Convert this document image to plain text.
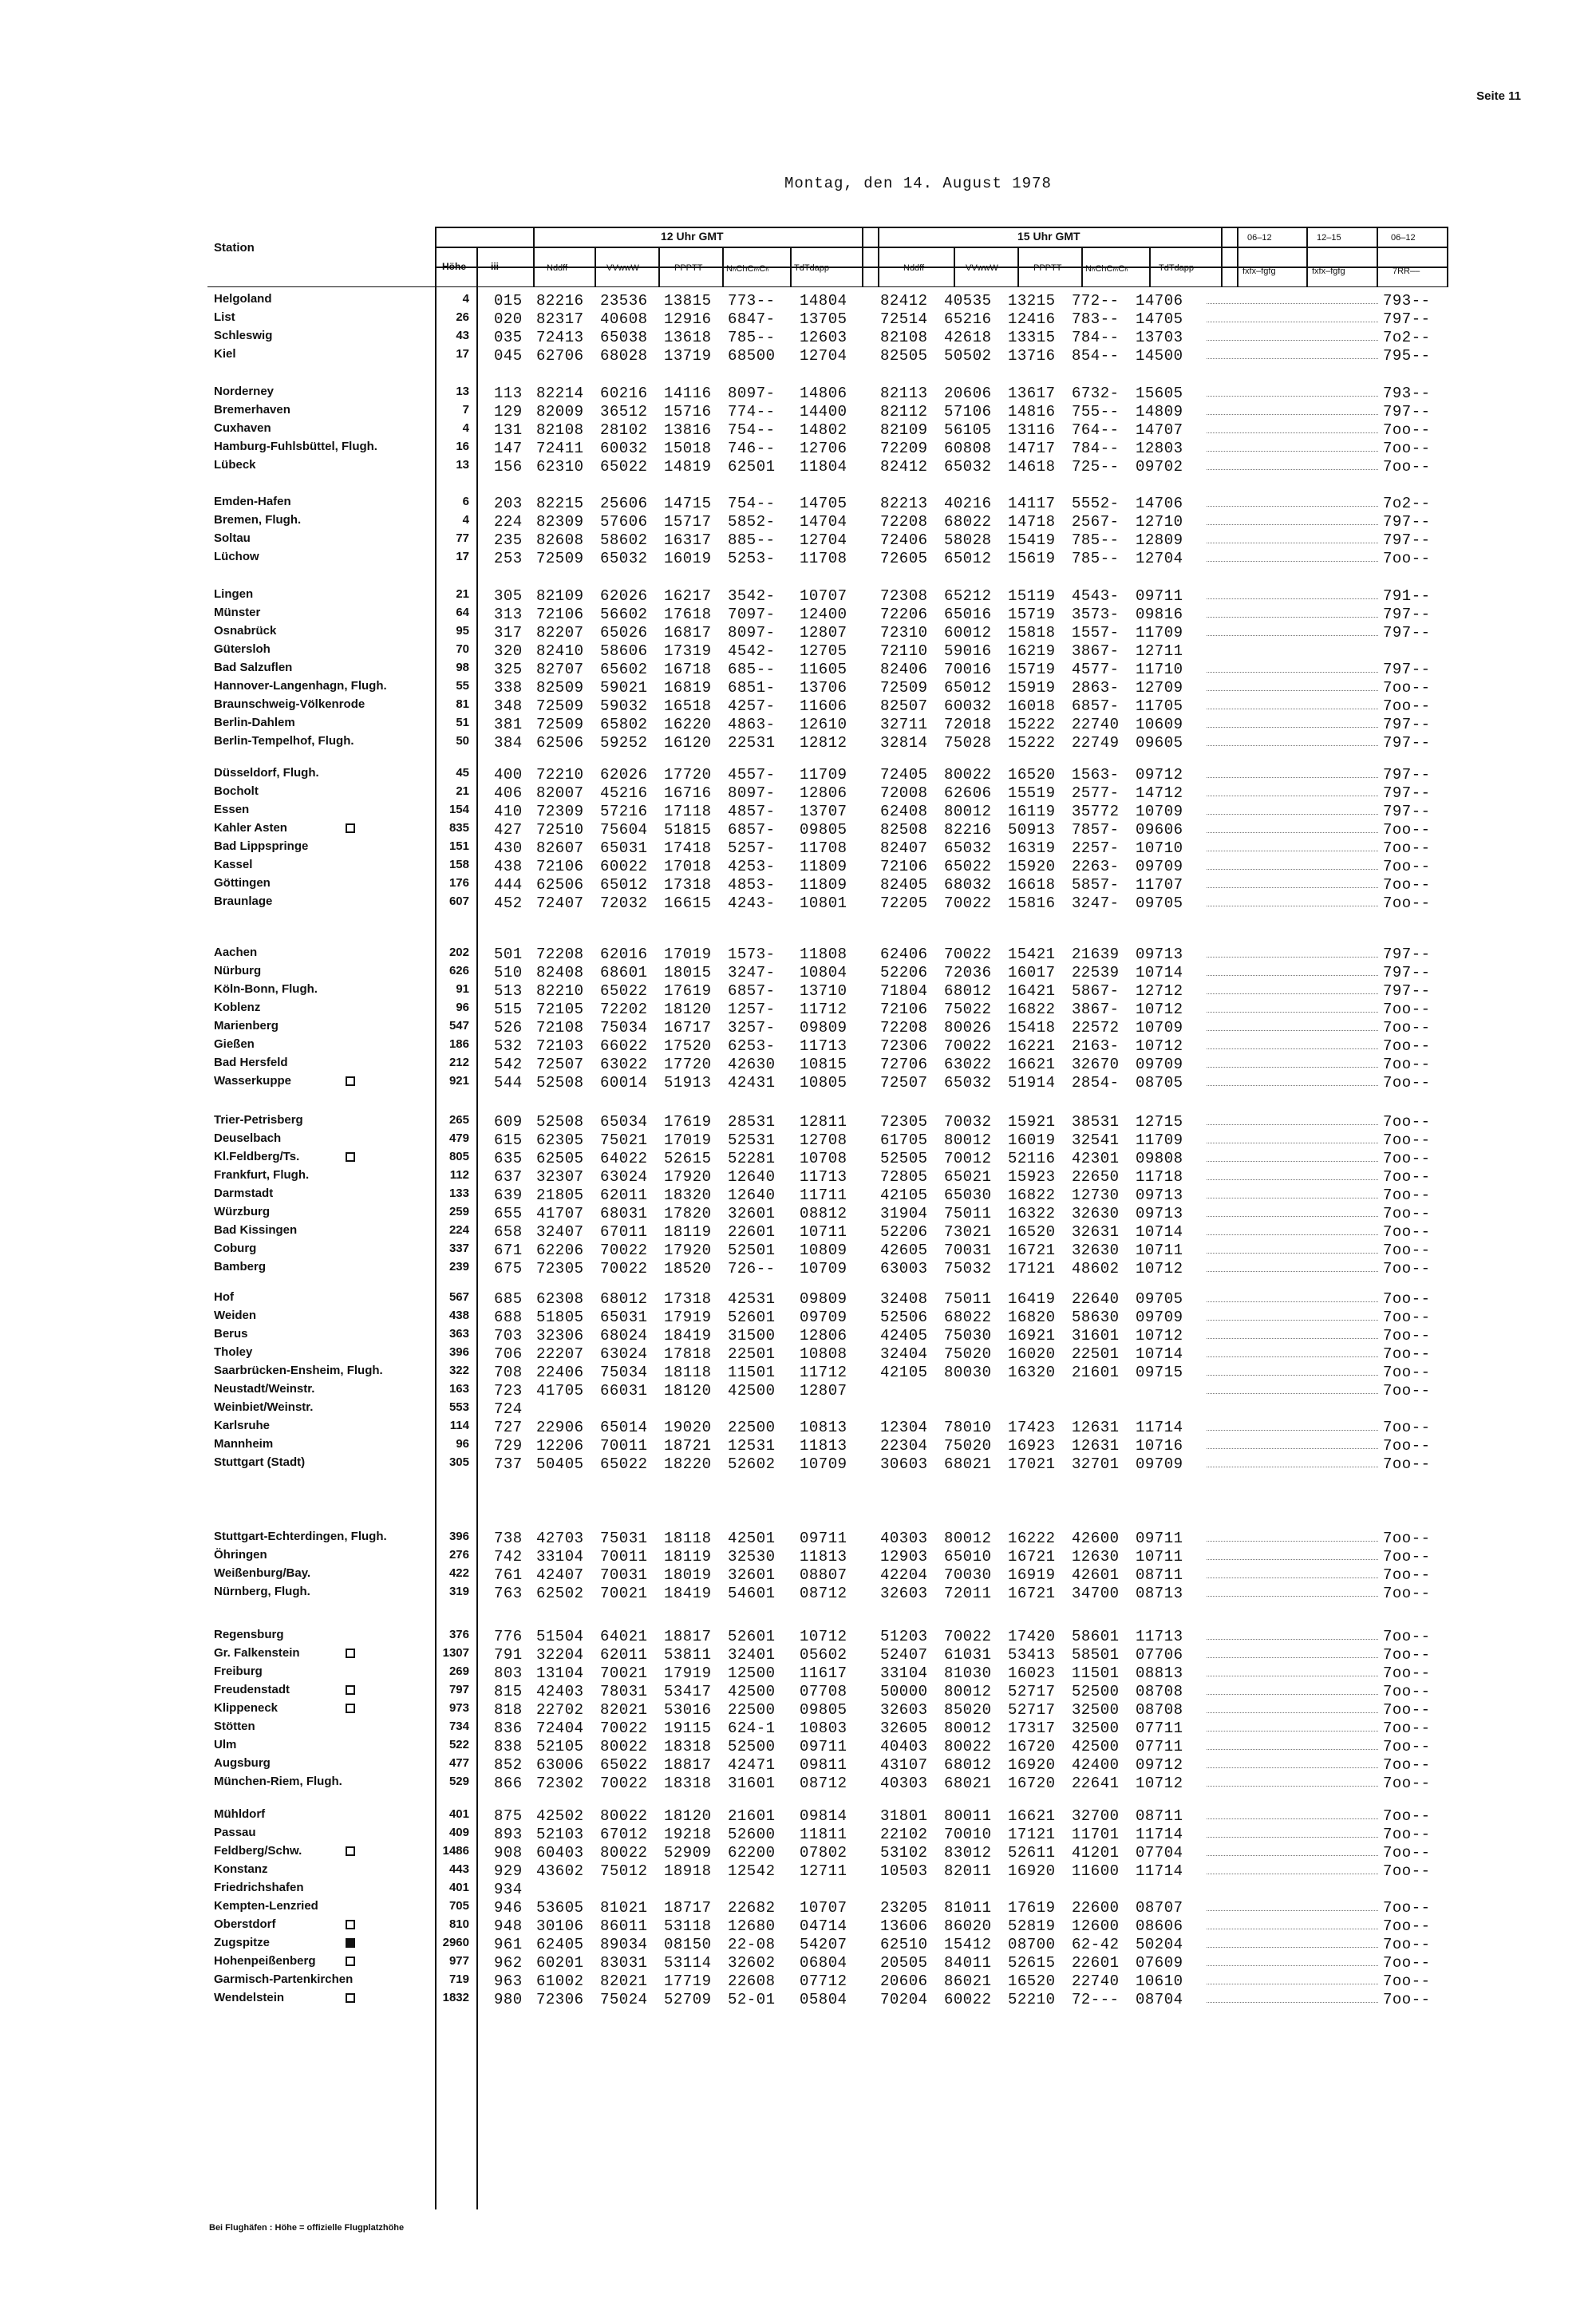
Seite 11
Montag, den 14. August 1978
Station
Höhe	iii
12 Uhr GMT	15 Uhr GMT
Nddff	VVwwW	PPPTT	NₕChCₘCₕ	TdTdapp	Nddff	VVwwW	PPPTT	NₕChCₘCₕ	TdTdapp
06–12	12–15	06–12
fxfx–fgfg	fxfx–fgfg	7RR––
Helgoland	4 015 82216 23536 13815 773-- 14804 82412 40535 13215 772-- 14706	793--
List	26 020 82317 40608 12916 6847- 13705 72514 65216 12416 783-- 14705	797--
Schleswig	43 035 72413 65038 13618 785-- 12603 82108 42618 13315 784-- 13703	7o2--
Kiel	17 045 62706 68028 13719 68500 12704 82505 50502 13716 854-- 14500	795--
Norderney	13 113 82214 60216 14116 8097- 14806 82113 20606 13617 6732- 15605	793--
Bremerhaven	7 129 82009 36512 15716 774-- 14400 82112 57106 14816 755-- 14809	797--
Cuxhaven	4 131 82108 28102 13816 754-- 14802 82109 56105 13116 764-- 14707	7oo--
Hamburg-Fuhlsbüttel, Flugh.	16 147 72411 60032 15018 746-- 12706 72209 60808 14717 784-- 12803	7oo--
Lübeck	13 156 62310 65022 14819 62501 11804 82412 65032 14618 725-- 09702	7oo--
Emden-Hafen	6 203 82215 25606 14715 754-- 14705 82213 40216 14117 5552- 14706	7o2--
Bremen, Flugh.	4 224 82309 57606 15717 5852- 14704 72208 68022 14718 2567- 12710	797--
Soltau	77 235 82608 58602 16317 885-- 12704 72406 58028 15419 785-- 12809	797--
Lüchow	17 253 72509 65032 16019 5253- 11708 72605 65012 15619 785-- 12704	7oo--
Lingen	21 305 82109 62026 16217 3542- 10707 72308 65212 15119 4543- 09711	791--
Münster	64 313 72106 56602 17618 7097- 12400 72206 65016 15719 3573- 09816	797--
Osnabrück	95 317 82207 65026 16817 8097- 12807 72310 60012 15818 1557- 11709	797--
Gütersloh	70 320 82410 58606 17319 4542- 12705 72110 59016 16219 3867- 12711
Bad Salzuflen	98 325 82707 65602 16718 685-- 11605 82406 70016 15719 4577- 11710	797--
Hannover-Langenhagn, Flugh.	55 338 82509 59021 16819 6851- 13706 72509 65012 15919 2863- 12709	7oo--
Braunschweig-Völkenrode	81 348 72509 59032 16518 4257- 11606 82507 60032 16018 6857- 11705	7oo--
Berlin-Dahlem	51 381 72509 65802 16220 4863- 12610 32711 72018 15222 22740 10609	797--
Berlin-Tempelhof, Flugh.	50 384 62506 59252 16120 22531 12812 32814 75028 15222 22749 09605	797--
Düsseldorf, Flugh.	45 400 72210 62026 17720 4557- 11709 72405 80022 16520 1563- 09712	797--
Bocholt	21 406 82007 45216 16716 8097- 12806 72008 62606 15519 2577- 14712	797--
Essen	154 410 72309 57216 17118 4857- 13707 62408 80012 16119 35772 10709	797--
Kahler Asten	835 427 72510 75604 51815 6857- 09805 82508 82216 50913 7857- 09606	7oo--
Bad Lippspringe	151 430 82607 65031 17418 5257- 11708 82407 65032 16319 2257- 10710	7oo--
Kassel	158 438 72106 60022 17018 4253- 11809 72106 65022 15920 2263- 09709	7oo--
Göttingen	176 444 62506 65012 17318 4853- 11809 82405 68032 16618 5857- 11707	7oo--
Braunlage	607 452 72407 72032 16615 4243- 10801 72205 70022 15816 3247- 09705	7oo--
Aachen	202 501 72208 62016 17019 1573- 11808 62406 70022 15421 21639 09713	797--
Nürburg	626 510 82408 68601 18015 3247- 10804 52206 72036 16017 22539 10714	797--
Köln-Bonn, Flugh.	91 513 82210 65022 17619 6857- 13710 71804 68012 16421 5867- 12712	797--
Koblenz	96 515 72105 72202 18120 1257- 11712 72106 75022 16822 3867- 10712	7oo--
Marienberg	547 526 72108 75034 16717 3257- 09809 72208 80026 15418 22572 10709	7oo--
Gießen	186 532 72103 66022 17520 6253- 11713 72306 70022 16221 2163- 10712	7oo--
Bad Hersfeld	212 542 72507 63022 17720 42630 10815 72706 63022 16621 32670 09709	7oo--
Wasserkuppe	921 544 52508 60014 51913 42431 10805 72507 65032 51914 2854- 08705	7oo--
Trier-Petrisberg	265 609 52508 65034 17619 28531 12811 72305 70032 15921 38531 12715	7oo--
Deuselbach	479 615 62305 75021 17019 52531 12708 61705 80012 16019 32541 11709	7oo--
Kl.Feldberg/Ts.	805 635 62505 64022 52615 52281 10708 52505 70012 52116 42301 09808	7oo--
Frankfurt, Flugh.	112 637 32307 63024 17920 12640 11713 72805 65021 15923 22650 11718	7oo--
Darmstadt	133 639 21805 62011 18320 12640 11711 42105 65030 16822 12730 09713	7oo--
Würzburg	259 655 41707 68031 17820 32601 08812 31904 75011 16322 32630 09713	7oo--
Bad Kissingen	224 658 32407 67011 18119 22601 10711 52206 73021 16520 32631 10714	7oo--
Coburg	337 671 62206 70022 17920 52501 10809 42605 70031 16721 32630 10711	7oo--
Bamberg	239 675 72305 70022 18520 726-- 10709 63003 75032 17121 48602 10712	7oo--
Hof	567 685 62308 68012 17318 42531 09809 32408 75011 16419 22640 09705	7oo--
Weiden	438 688 51805 65031 17919 52601 09709 52506 68022 16820 58630 09709	7oo--
Berus	363 703 32306 68024 18419 31500 12806 42405 75030 16921 31601 10712	7oo--
Tholey	396 706 22207 63024 17818 22501 10808 32404 75020 16020 22501 10714	7oo--
Saarbrücken-Ensheim, Flugh.	322 708 22406 75034 18118 11501 11712 42105 80030 16320 21601 09715	7oo--
Neustadt/Weinstr.	163 723 41705 66031 18120 42500 12807	7oo--
Weinbiet/Weinstr.	553 724
Karlsruhe	114 727 22906 65014 19020 22500 10813 12304 78010 17423 12631 11714	7oo--
Mannheim	96 729 12206 70011 18721 12531 11813 22304 75020 16923 12631 10716	7oo--
Stuttgart (Stadt)	305 737 50405 65022 18220 52602 10709 30603 68021 17021 32701 09709	7oo--
Stuttgart-Echterdingen, Flugh.	396 738 42703 75031 18118 42501 09711 40303 80012 16222 42600 09711	7oo--
Öhringen	276 742 33104 70011 18119 32530 11813 12903 65010 16721 12630 10711	7oo--
Weißenburg/Bay.	422 761 42407 70031 18019 32601 08807 42204 70030 16919 42601 08711	7oo--
Nürnberg, Flugh.	319 763 62502 70021 18419 54601 08712 32603 72011 16721 34700 08713	7oo--
Regensburg	376 776 51504 64021 18817 52601 10712 51203 70022 17420 58601 11713	7oo--
Gr. Falkenstein	1307 791 32204 62011 53811 32401 05602 52407 61031 53413 58501 07706	7oo--
Freiburg	269 803 13104 70021 17919 12500 11617 33104 81030 16023 11501 08813	7oo--
Freudenstadt	797 815 42403 78031 53417 42500 07708 50000 80012 52717 52500 08708	7oo--
Klippeneck	973 818 22702 82021 53016 22500 09805 32603 85020 52717 32500 08708	7oo--
Stötten	734 836 72404 70022 19115 624-1 10803 32605 80012 17317 32500 07711	7oo--
Ulm	522 838 52105 80022 18318 52500 09711 40403 80022 16720 42500 07711	7oo--
Augsburg	477 852 63006 65022 18817 42471 09811 43107 68012 16920 42400 09712	7oo--
München-Riem, Flugh.	529 866 72302 70022 18318 31601 08712 40303 68021 16720 22641 10712	7oo--
Mühldorf	401 875 42502 80022 18120 21601 09814 31801 80011 16621 32700 08711	7oo--
Passau	409 893 52103 67012 19218 52600 11811 22102 70010 17121 11701 11714	7oo--
Feldberg/Schw.	1486 908 60403 80022 52909 62200 07802 53102 83012 52611 41201 07704	7oo--
Konstanz	443 929 43602 75012 18918 12542 12711 10503 82011 16920 11600 11714	7oo--
Friedrichshafen	401 934
Kempten-Lenzried	705 946 53605 81021 18717 22682 10707 23205 81011 17619 22600 08707	7oo--
Oberstdorf	810 948 30106 86011 53118 12680 04714 13606 86020 52819 12600 08606	7oo--
Zugspitze	2960 961 62405 89034 08150 22-08 54207 62510 15412 08700 62-42 50204	7oo--
Hohenpeißenberg	977 962 60201 83031 53114 32602 06804 20505 84011 52615 22601 07609	7oo--
Garmisch-Partenkirchen	719 963 61002 82021 17719 22608 07712 20606 86021 16520 22740 10610	7oo--
Wendelstein	1832 980 72306 75024 52709 52-01 05804 70204 60022 52210 72--- 08704	7oo--
Bei Flughäfen : Höhe = offizielle Flugplatzhöhe
